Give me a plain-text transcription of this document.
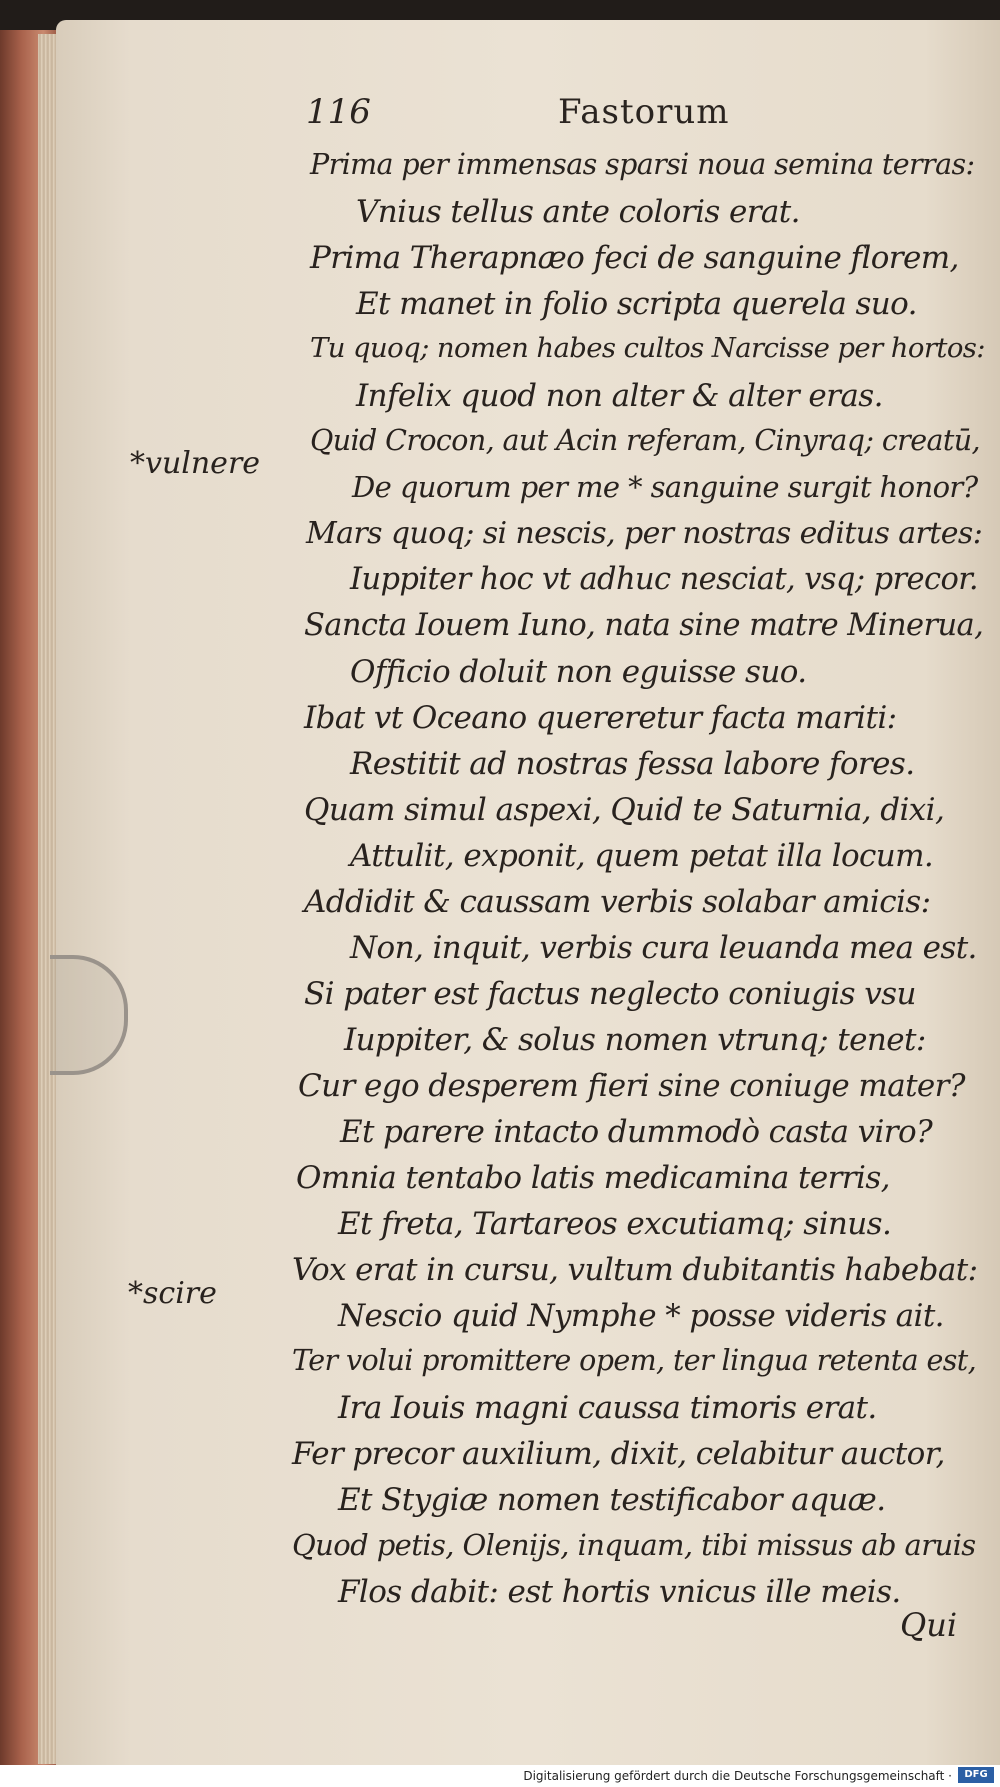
116	Fastorum
Prima per immensas sparsi noua semina terras:
Vnius tellus ante coloris erat.
Prima Therapnæo feci de sanguine florem,
Et manet in folio scripta querela suo.
Tu quoq; nomen habes cultos Narcisse per hortos:
Infelix quod non alter & alter eras.
Quid Crocon, aut Acin referam, Cinyraq; creatū,
De quorum per me * sanguine surgit honor?
Mars quoq; si nescis, per nostras editus artes:
Iuppiter hoc vt adhuc nesciat, vsq; precor.
Sancta Iouem Iuno, nata sine matre Minerua,
Officio doluit non eguisse suo.
Ibat vt Oceano quereretur facta mariti:
Restitit ad nostras fessa labore fores.
Quam simul aspexi, Quid te Saturnia, dixi,
Attulit, exponit, quem petat illa locum.
Addidit & caussam verbis solabar amicis:
Non, inquit, verbis cura leuanda mea est.
Si pater est factus neglecto coniugis vsu
Iuppiter, & solus nomen vtrunq; tenet:
Cur ego desperem fieri sine coniuge mater?
Et parere intacto dummodò casta viro?
Omnia tentabo latis medicamina terris,
Et freta, Tartareos excutiamq; sinus.
Vox erat in cursu, vultum dubitantis habebat:
Nescio quid Nymphe * posse videris ait.
Ter volui promittere opem, ter lingua retenta est,
Ira Iouis magni caussa timoris erat.
Fer precor auxilium, dixit, celabitur auctor,
Et Stygiæ nomen testificabor aquæ.
Quod petis, Olenijs, inquam, tibi missus ab aruis
Flos dabit: est hortis vnicus ille meis.
*vulnere
*scire
Qui
Digitalisierung gefördert durch die Deutsche Forschungsgemeinschaft ·	DFG
